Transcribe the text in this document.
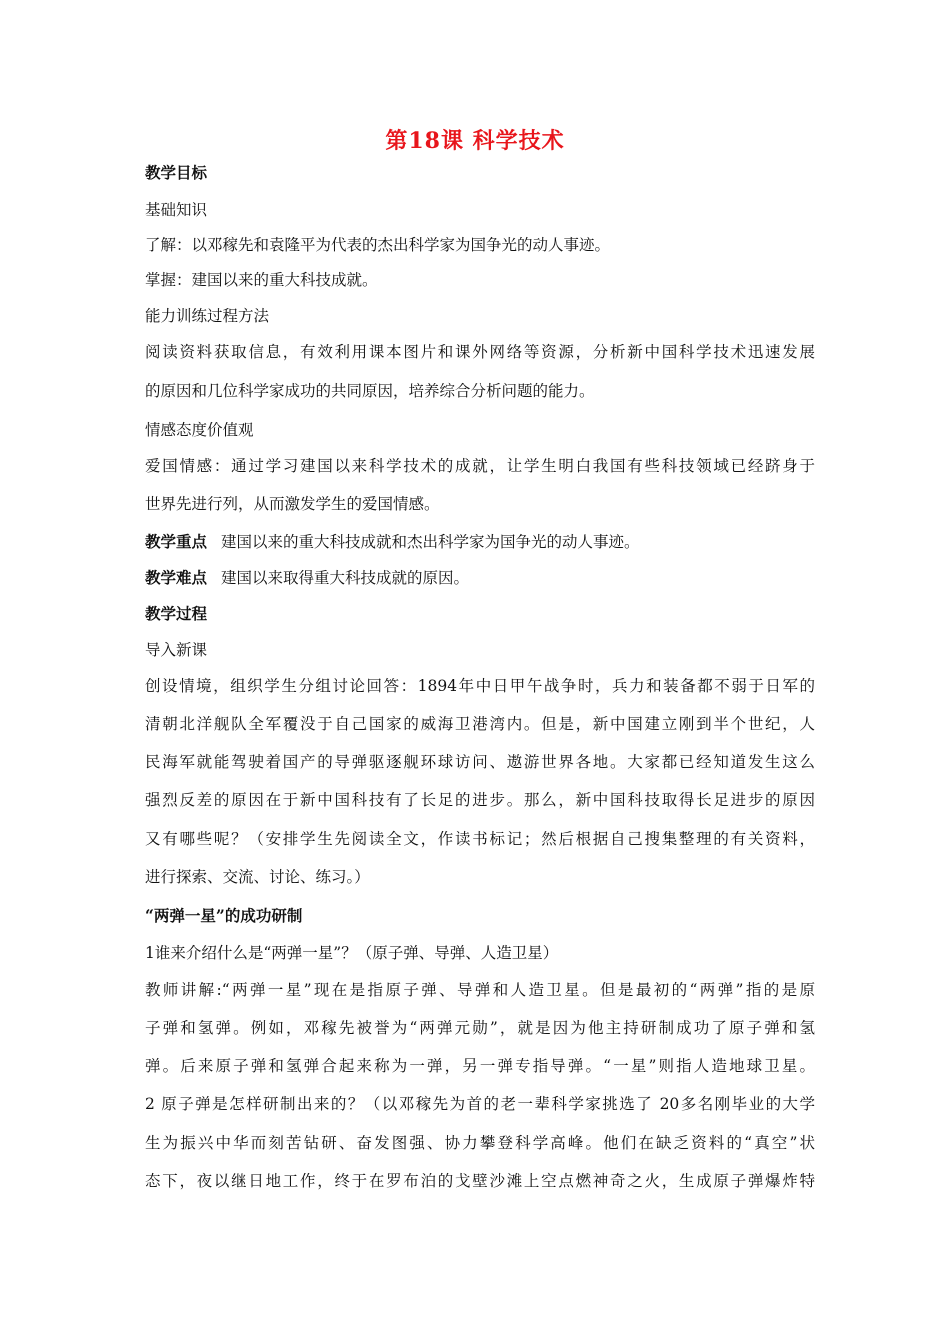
第18课 科学技术
教学目标
基础知识
了解：以邓稼先和袁隆平为代表的杰出科学家为国争光的动人事迹。
掌握：建国以来的重大科技成就。
能力训练过程方法
阅读资料获取信息，有效利用课本图片和课外网络等资源，分析新中国科学技术迅速发展
的原因和几位科学家成功的共同原因，培养综合分析问题的能力。
情感态度价值观
爱国情感：通过学习建国以来科学技术的成就，让学生明白我国有些科技领域已经跻身于
世界先进行列，从而激发学生的爱国情感。
教学重点 建国以来的重大科技成就和杰出科学家为国争光的动人事迹。
教学难点 建国以来取得重大科技成就的原因。
教学过程
导入新课
创设情境，组织学生分组讨论回答：1894年中日甲午战争时，兵力和装备都不弱于日军的
清朝北洋舰队全军覆没于自己国家的威海卫港湾内。但是，新中国建立刚到半个世纪，人
民海军就能驾驶着国产的导弹驱逐舰环球访问、遨游世界各地。大家都已经知道发生这么
强烈反差的原因在于新中国科技有了长足的进步。那么，新中国科技取得长足进步的原因
又有哪些呢？（安排学生先阅读全文，作读书标记；然后根据自己搜集整理的有关资料，
进行探索、交流、讨论、练习。）
“两弹一星”的成功研制
1谁来介绍什么是“两弹一星”？（原子弹、导弹、人造卫星）
教师讲解:“两弹一星”现在是指原子弹、导弹和人造卫星。但是最初的“两弹”指的是原
子弹和氢弹。例如，邓稼先被誉为“两弹元勋”，就是因为他主持研制成功了原子弹和氢
弹。后来原子弹和氢弹合起来称为一弹，另一弹专指导弹。“一星”则指人造地球卫星。
2 原子弹是怎样研制出来的？（以邓稼先为首的老一辈科学家挑选了 20多名刚毕业的大学
生为振兴中华而刻苦钻研、奋发图强、协力攀登科学高峰。他们在缺乏资料的“真空”状
态下，夜以继日地工作，终于在罗布泊的戈壁沙滩上空点燃神奇之火，生成原子弹爆炸特
